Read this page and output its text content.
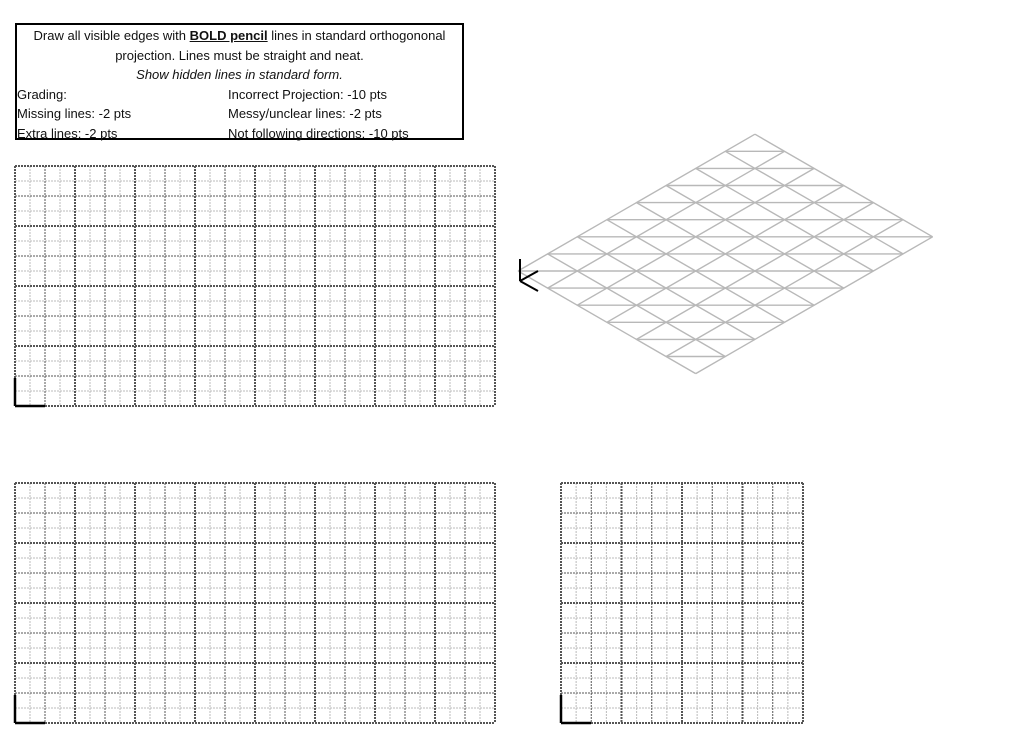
Draw all visible edges with BOLD pencil lines in standard orthogononal
projection. Lines must be straight and neat.
Show hidden lines in standard form.
Grading:
Missing lines: -2 pts
Extra lines: -2 pts
Incorrect Projection: -10 pts
Messy/unclear lines: -2 pts
Not following directions: -10 pts
